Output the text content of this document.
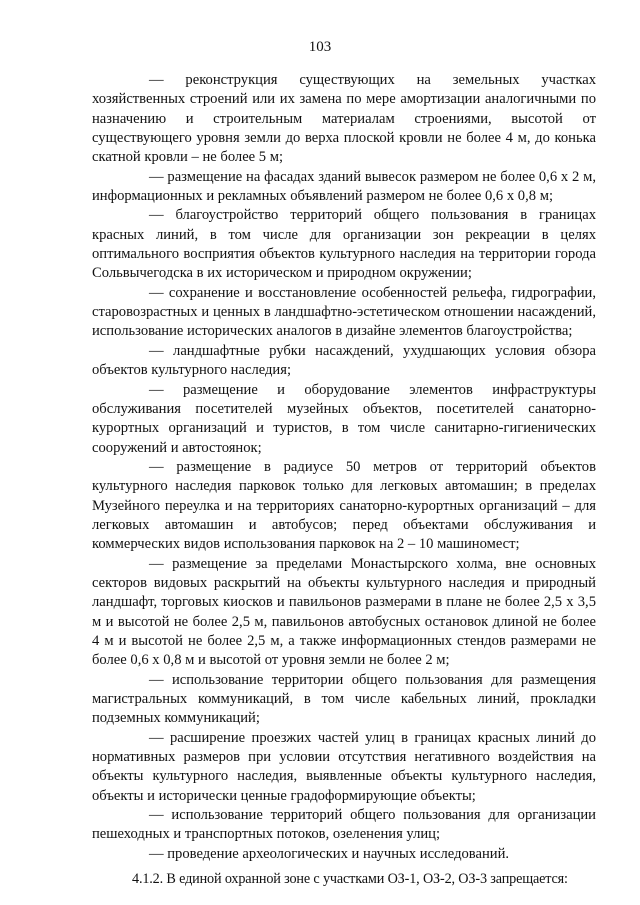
103

— реконструкция существующих на земельных участках хозяйственных строений или их замена по мере амортизации аналогичными по назначению и строительным материалам строениями, высотой от существующего уровня земли до верха плоской кровли не более 4 м, до конька скатной кровли – не более 5 м;

— размещение на фасадах зданий вывесок размером не более 0,6 х 2 м, информационных и рекламных объявлений размером не более 0,6 х 0,8 м;

— благоустройство территорий общего пользования в границах красных линий, в том числе для организации зон рекреации в целях оптимального восприятия объектов культурного наследия на территории города Сольвычегодска в их историческом и природном окружении;

— сохранение и восстановление особенностей рельефа, гидрографии, старовозрастных и ценных в ландшафтно-эстетическом отношении насаждений, использование исторических аналогов в дизайне элементов благоустройства;

— ландшафтные рубки насаждений, ухудшающих условия обзора объектов культурного наследия;

— размещение и оборудование элементов инфраструктуры обслуживания посетителей музейных объектов, посетителей санаторно-курортных организаций и туристов, в том числе санитарно-гигиенических сооружений и автостоянок;

— размещение в радиусе 50 метров от территорий объектов культурного наследия парковок только для легковых автомашин; в пределах Музейного переулка и на территориях санаторно-курортных организаций – для легковых автомашин и автобусов; перед объектами обслуживания и коммерческих видов использования парковок на 2 – 10 машиномест;

— размещение за пределами Монастырского холма, вне основных секторов видовых раскрытий на объекты культурного наследия и природный ландшафт, торговых киосков и павильонов размерами в плане не более 2,5 х 3,5 м и высотой не более 2,5 м, павильонов автобусных остановок длиной не более 4 м и высотой не более 2,5 м, а также информационных стендов размерами не более 0,6 х 0,8 м и высотой от уровня земли не более 2 м;

— использование территории общего пользования для размещения магистральных коммуникаций, в том числе кабельных линий, прокладки подземных коммуникаций;

— расширение проезжих частей улиц в границах красных линий до нормативных размеров при условии отсутствия негативного воздействия на объекты культурного наследия, выявленные объекты культурного наследия, объекты и исторически ценные градоформирующие объекты;

— использование территорий общего пользования для организации пешеходных и транспортных потоков, озеленения улиц;

— проведение археологических и научных исследований.

4.1.2. В единой охранной зоне с участками ОЗ-1, ОЗ-2, ОЗ-3 запрещается:
